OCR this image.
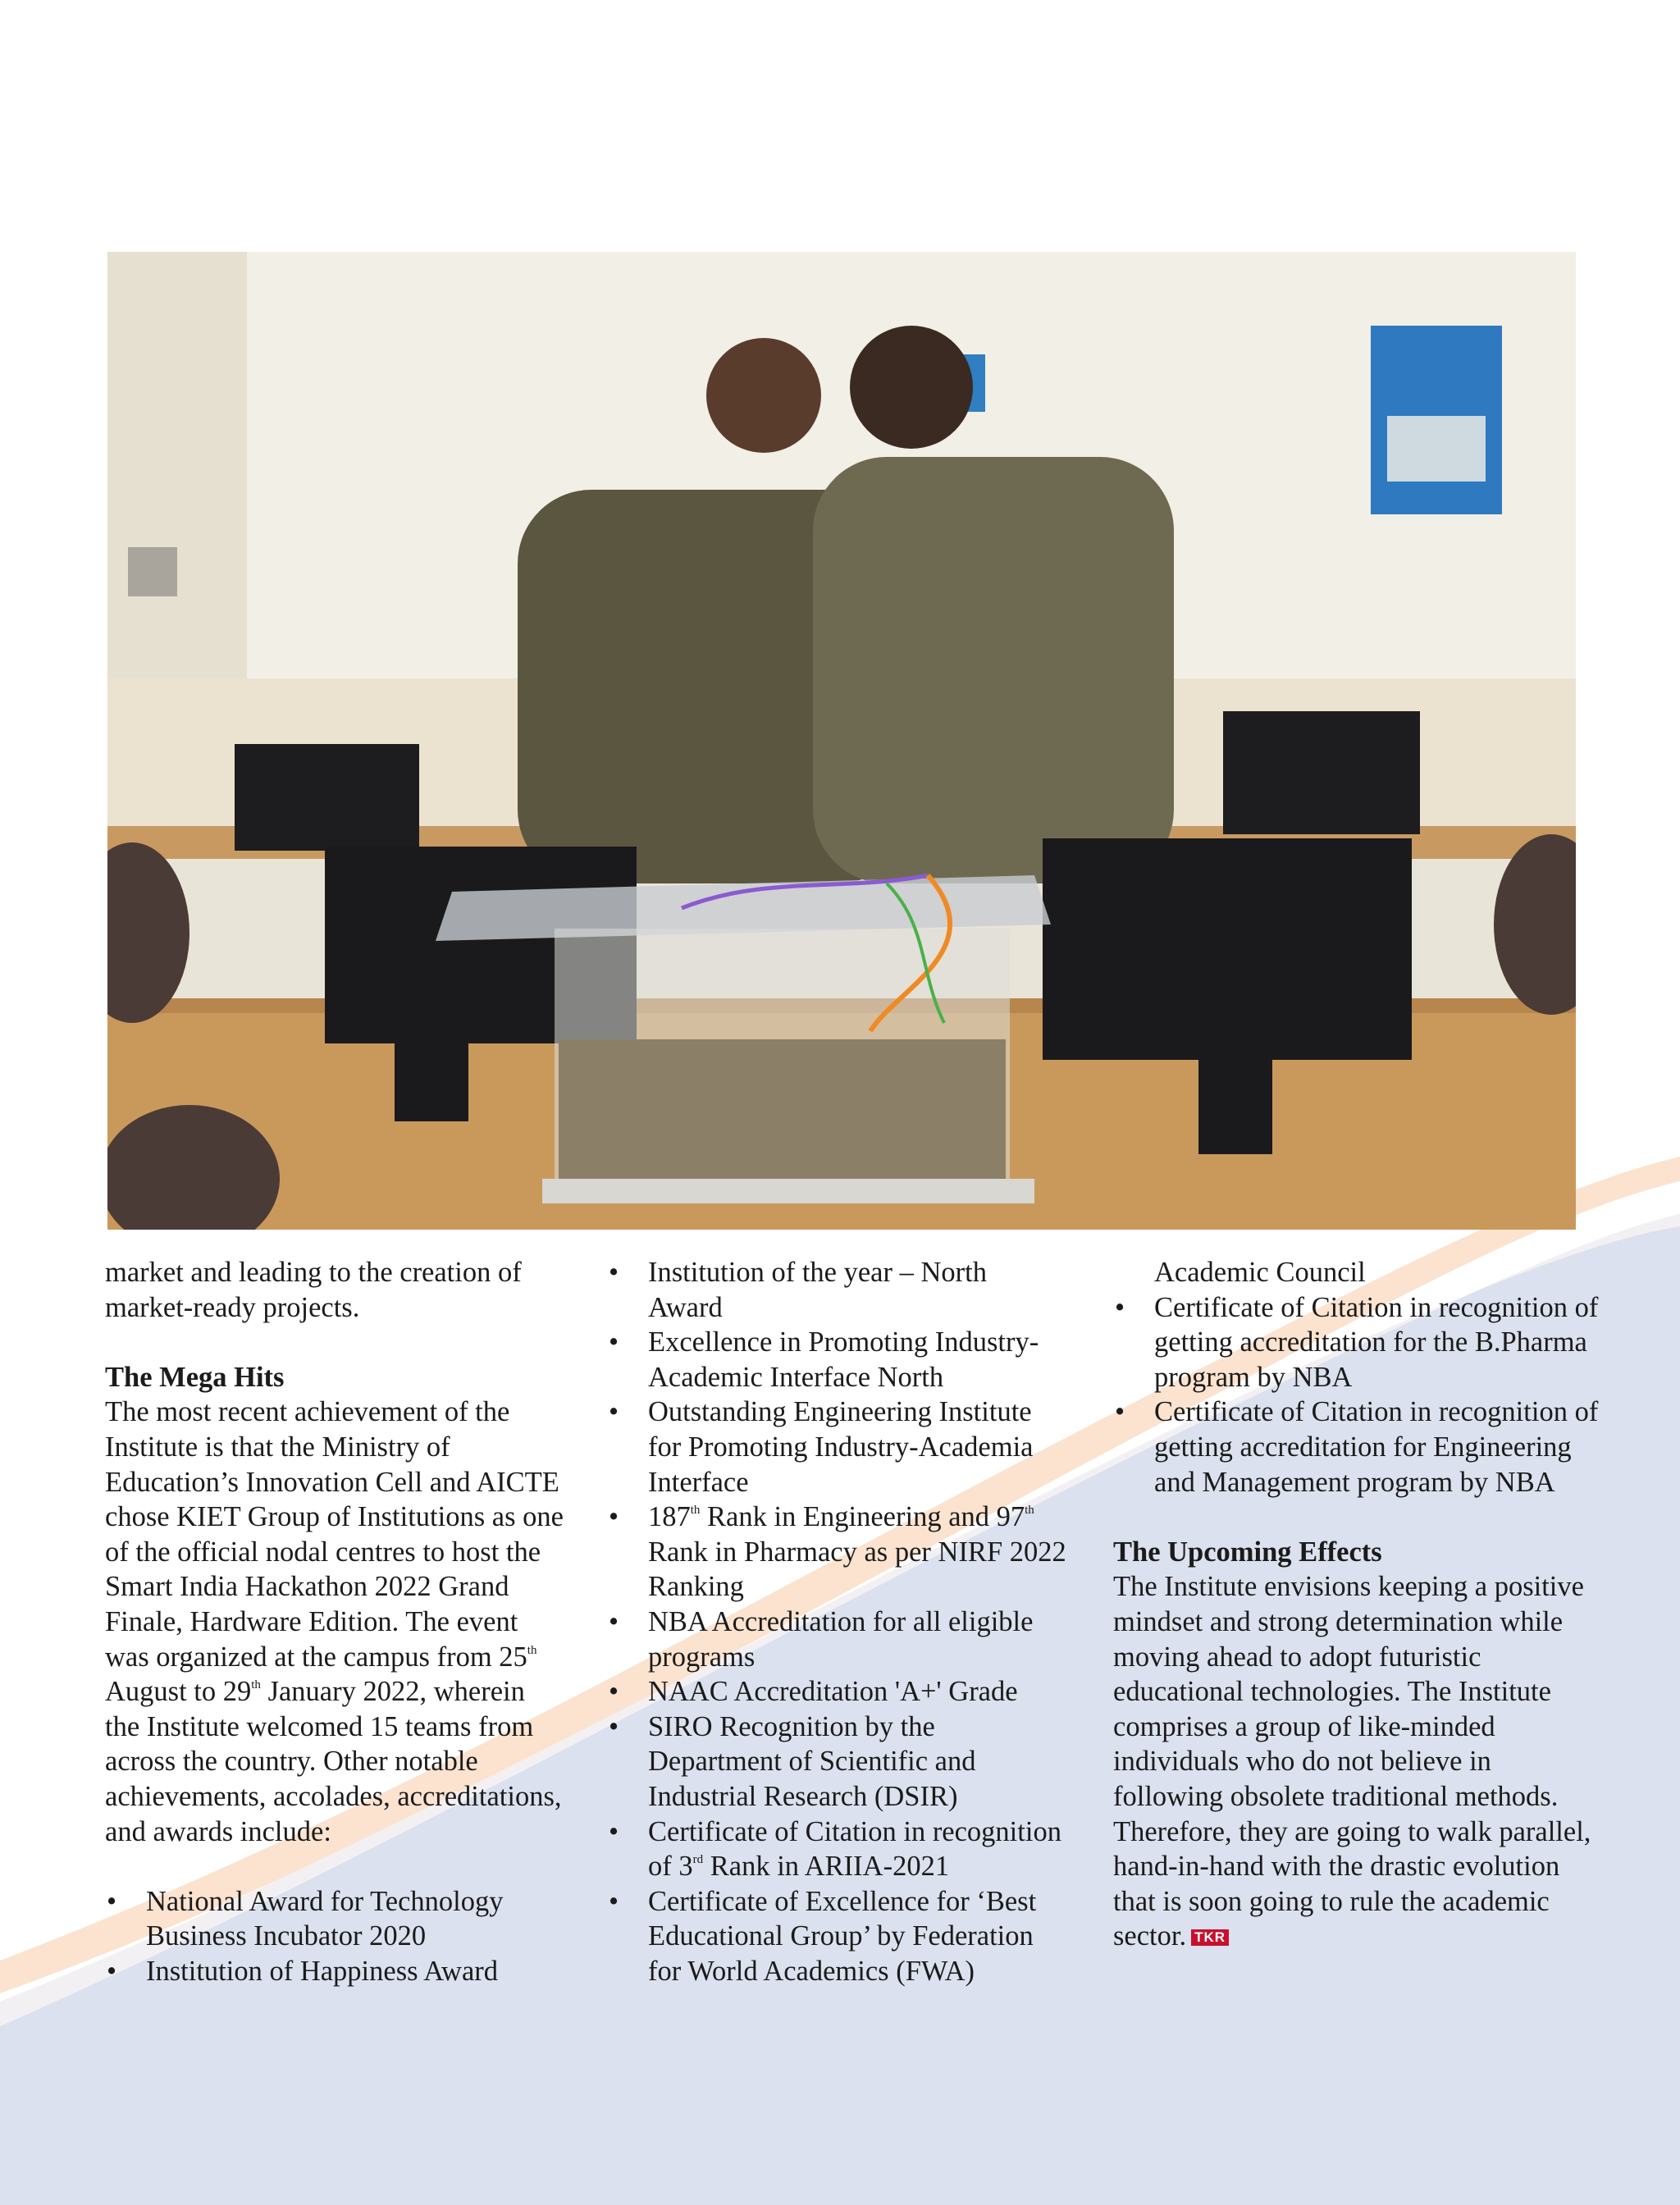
market and leading to the creation of market-ready projects.

The Mega Hits

The most recent achievement of the Institute is that the Ministry of Education’s Innovation Cell and AICTE chose KIET Group of Institutions as one of the official nodal centres to host the Smart India Hackathon 2022 Grand Finale, Hardware Edition. The event was organized at the campus from 25th August to 29th January 2022, wherein the Institute welcomed 15 teams from across the country. Other notable achievements, accolades, accreditations, and awards include:

• National Award for Technology Business Incubator 2020
• Institution of Happiness Award
• Institution of the year – North Award
• Excellence in Promoting Industry-Academic Interface North
• Outstanding Engineering Institute for Promoting Industry-Academia Interface
• 187th Rank in Engineering and 97th Rank in Pharmacy as per NIRF 2022 Ranking
• NBA Accreditation for all eligible programs
• NAAC Accreditation 'A+' Grade
• SIRO Recognition by the Department of Scientific and Industrial Research (DSIR)
• Certificate of Citation in recognition of 3rd Rank in ARIIA-2021
• Certificate of Excellence for ‘Best Educational Group’ by Federation for World Academics (FWA)

Academic Council

• Certificate of Citation in recognition of getting accreditation for the B.Pharma program by NBA
• Certificate of Citation in recognition of getting accreditation for Engineering and Management program by NBA

The Upcoming Effects

The Institute envisions keeping a positive mindset and strong determination while moving ahead to adopt futuristic educational technologies. The Institute comprises a group of like-minded individuals who do not believe in following obsolete traditional methods. Therefore, they are going to walk parallel, hand-in-hand with the drastic evolution that is soon going to rule the academic sector. TKR
